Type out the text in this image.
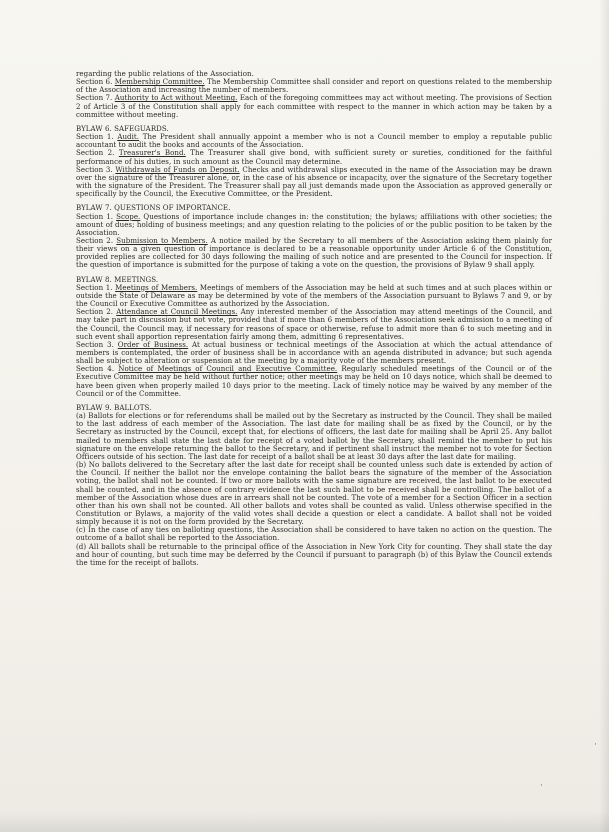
regarding the public relations of the Association.

Section 6. Membership Committee. The Membership Committee shall consider and report on questions related to the membership of the Association and increasing the number of members.

Section 7. Authority to Act without Meeting. Each of the foregoing committees may act without meeting. The provisions of Section 2 of Article 3 of the Constitution shall apply for each committee with respect to the manner in which action may be taken by a committee without meeting.

BYLAW 6. SAFEGUARDS.

Section 1. Audit. The President shall annually appoint a member who is not a Council member to employ a reputable public accountant to audit the books and accounts of the Association.

Section 2. Treasurer's Bond. The Treasurer shall give bond, with sufficient surety or sureties, conditioned for the faithful performance of his duties, in such amount as the Council may determine.

Section 3. Withdrawals of Funds on Deposit. Checks and withdrawal slips executed in the name of the Association may be drawn over the signature of the Treasurer alone, or, in the case of his absence or incapacity, over the signature of the Secretary together with the signature of the President. The Treasurer shall pay all just demands made upon the Association as approved generally or specifically by the Council, the Executive Committee, or the President.

BYLAW 7. QUESTIONS OF IMPORTANCE.

Section 1. Scope. Questions of importance include changes in: the constitution; the bylaws; affiliations with other societies; the amount of dues; holding of business meetings; and any question relating to the policies of or the public position to be taken by the Association.

Section 2. Submission to Members. A notice mailed by the Secretary to all members of the Association asking them plainly for their views on a given question of importance is declared to be a reasonable opportunity under Article 6 of the Constitution, provided replies are collected for 30 days following the mailing of such notice and are presented to the Council for inspection. If the question of importance is submitted for the purpose of taking a vote on the question, the provisions of Bylaw 9 shall apply.

BYLAW 8. MEETINGS.

Section 1. Meetings of Members. Meetings of members of the Association may be held at such times and at such places within or outside the State of Delaware as may be determined by vote of the members of the Association pursuant to Bylaws 7 and 9, or by the Council or Executive Committee as authorized by the Association.

Section 2. Attendance at Council Meetings. Any interested member of the Association may attend meetings of the Council, and may take part in discussion but not vote, provided that if more than 6 members of the Association seek admission to a meeting of the Council, the Council may, if necessary for reasons of space or otherwise, refuse to admit more than 6 to such meeting and in such event shall apportion representation fairly among them, admitting 6 representatives.

Section 3. Order of Business. At actual business or technical meetings of the Association at which the actual attendance of members is contemplated, the order of business shall be in accordance with an agenda distributed in advance; but such agenda shall be subject to alteration or suspension at the meeting by a majority vote of the members present.

Section 4. Notice of Meetings of Council and Executive Committee. Regularly scheduled meetings of the Council or of the Executive Committee may be held without further notice; other meetings may be held on 10 days notice, which shall be deemed to have been given when properly mailed 10 days prior to the meeting. Lack of timely notice may be waived by any member of the Council or of the Committee.

BYLAW 9. BALLOTS.

(a) Ballots for elections or for referendums shall be mailed out by the Secretary as instructed by the Council. They shall be mailed to the last address of each member of the Association. The last date for mailing shall be as fixed by the Council, or by the Secretary as instructed by the Council, except that, for elections of officers, the last date for mailing shall be April 25. Any ballot mailed to members shall state the last date for receipt of a voted ballot by the Secretary, shall remind the member to put his signature on the envelope returning the ballot to the Secretary, and if pertinent shall instruct the member not to vote for Section Officers outside of his section. The last date for receipt of a ballot shall be at least 30 days after the last date for mailing.

(b) No ballots delivered to the Secretary after the last date for receipt shall be counted unless such date is extended by action of the Council. If neither the ballot nor the envelope containing the ballot bears the signature of the member of the Association voting, the ballot shall not be counted. If two or more ballots with the same signature are received, the last ballot to be executed shall be counted, and in the absence of contrary evidence the last such ballot to be received shall be controlling. The ballot of a member of the Association whose dues are in arrears shall not be counted. The vote of a member for a Section Officer in a section other than his own shall not be counted. All other ballots and votes shall be counted as valid. Unless otherwise specified in the Constitution or Bylaws, a majority of the valid votes shall decide a question or elect a candidate. A ballot shall not be voided simply because it is not on the form provided by the Secretary.

(c) In the case of any ties on balloting questions, the Association shall be considered to have taken no action on the question. The outcome of a ballot shall be reported to the Association.

(d) All ballots shall be returnable to the principal office of the Association in New York City for counting. They shall state the day and hour of counting, but such time may be deferred by the Council if pursuant to paragraph (b) of this Bylaw the Council extends the time for the receipt of ballots.

·
·
